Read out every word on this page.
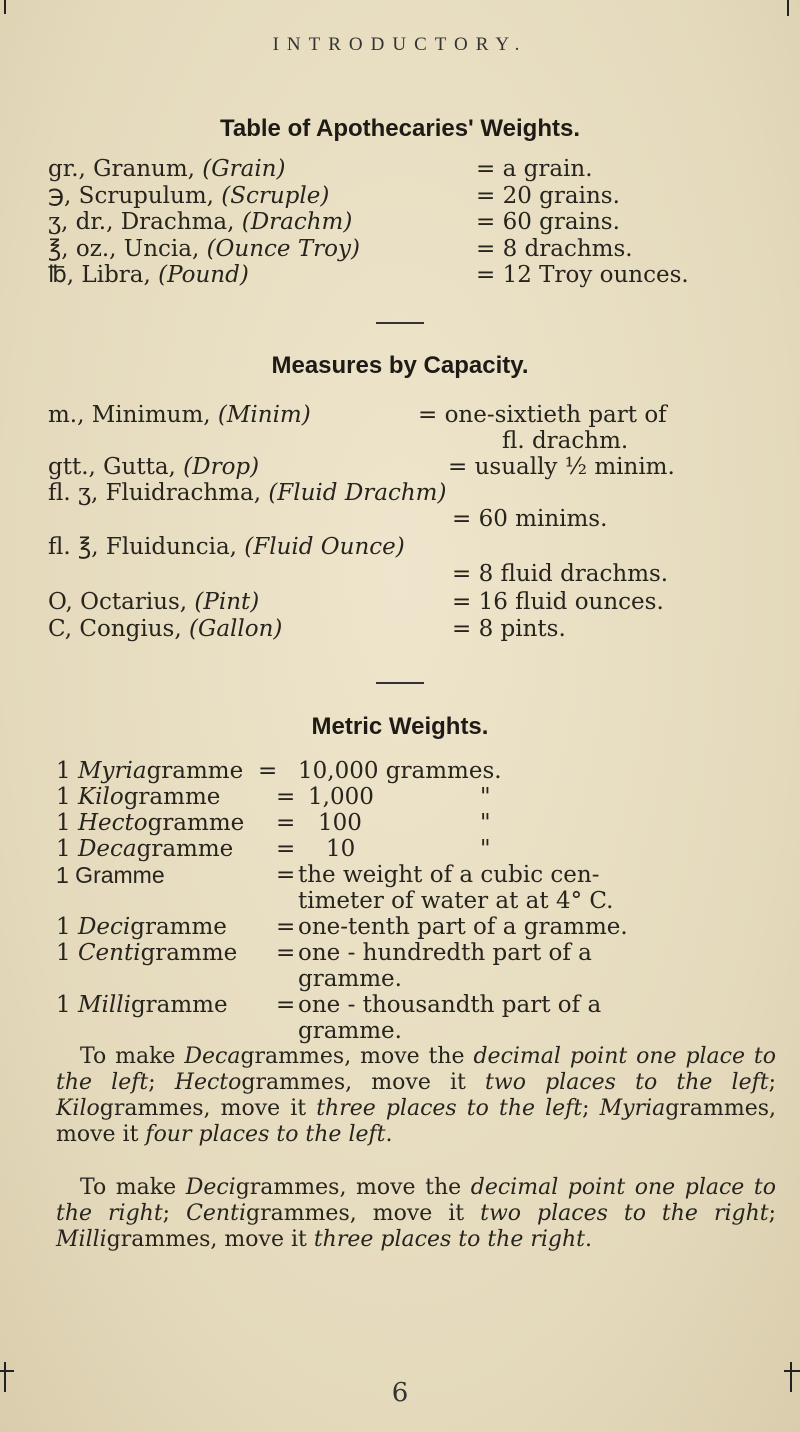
INTRODUCTORY.
Table of Apothecaries' Weights.
gr., Granum, (Grain)	= a grain.
℈, Scrupulum, (Scruple)	= 20 grains.
ʒ, dr., Drachma, (Drachm)	= 60 grains.
℥, oz., Uncia, (Ounce Troy)	= 8 drachms.
℔, Libra, (Pound)	= 12 Troy ounces.
Measures by Capacity.
m., Minimum, (Minim)	= one-sixtieth part of
fl. drachm.
gtt., Gutta, (Drop)	= usually ½ minim.
fl. ʒ, Fluidrachma, (Fluid Drachm)
= 60 minims.
fl. ℥, Fluiduncia, (Fluid Ounce)
= 8 fluid drachms.
O, Octarius, (Pint)	= 16 fluid ounces.
C, Congius, (Gallon)	= 8 pints.
Metric Weights.
1 Myriagramme = 10,000 grammes.
1 Kilogramme = 1,000	"
1 Hectogramme = 100	"
1 Decagramme = 10	"
1 Gramme	= the weight of a cubic cen-
timeter of water at at 4° C.
1 Decigramme = one-tenth part of a gramme.
1 Centigramme = one - hundredth part of a
gramme.
1 Milligramme = one - thousandth part of a
gramme.
To make Decagrammes, move the decimal point one place to the left; Hectogrammes, move it two places to the left; Kilogrammes, move it three places to the left; Myriagrammes, move it four places to the left.
To make Decigrammes, move the decimal point one place to the right; Centigrammes, move it two places to the right; Milligrammes, move it three places to the right.
6
